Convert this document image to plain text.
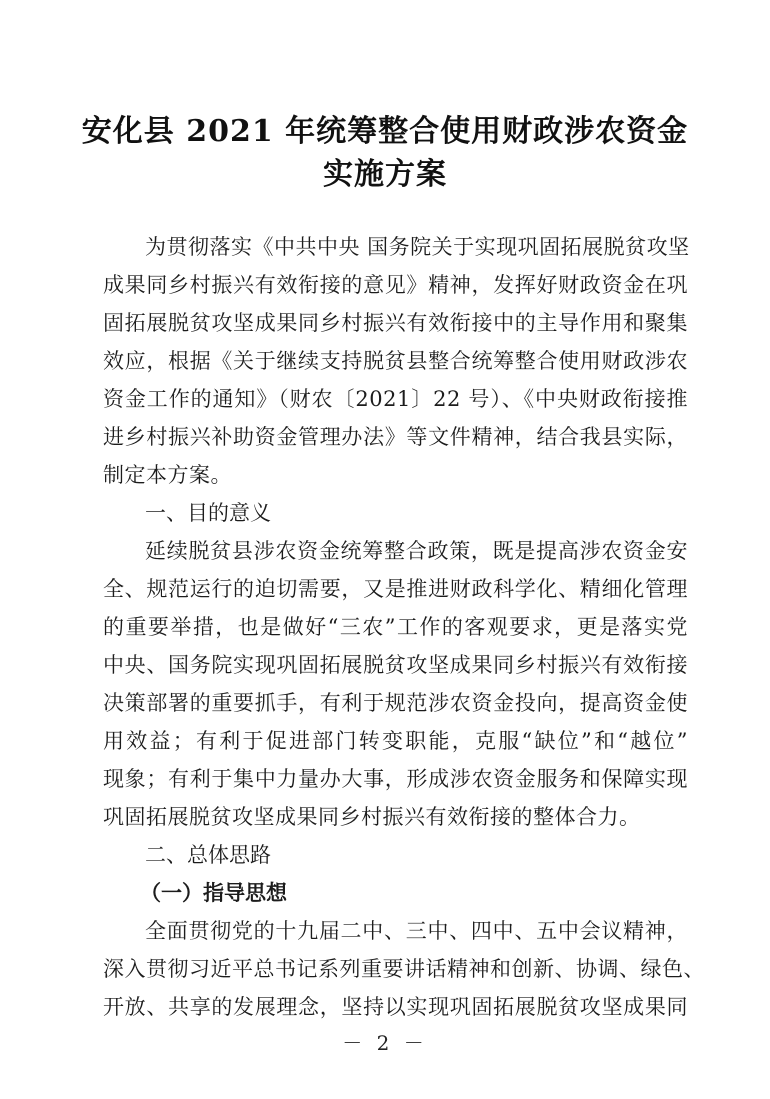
安化县 2021 年统筹整合使用财政涉农资金
实施方案
为贯彻落实《中共中央 国务院关于实现巩固拓展脱贫攻坚
成果同乡村振兴有效衔接的意见》精神，发挥好财政资金在巩
固拓展脱贫攻坚成果同乡村振兴有效衔接中的主导作用和聚集
效应，根据《关于继续支持脱贫县整合统筹整合使用财政涉农
资金工作的通知》（财农〔2021〕22 号）、《中央财政衔接推
进乡村振兴补助资金管理办法》等文件精神，结合我县实际，
制定本方案。
一、目的意义
延续脱贫县涉农资金统筹整合政策，既是提高涉农资金安
全、规范运行的迫切需要，又是推进财政科学化、精细化管理
的重要举措，也是做好“三农”工作的客观要求，更是落实党
中央、国务院实现巩固拓展脱贫攻坚成果同乡村振兴有效衔接
决策部署的重要抓手，有利于规范涉农资金投向，提高资金使
用效益；有利于促进部门转变职能，克服“缺位”和“越位”
现象；有利于集中力量办大事，形成涉农资金服务和保障实现
巩固拓展脱贫攻坚成果同乡村振兴有效衔接的整体合力。
二、总体思路
（一）指导思想
全面贯彻党的十九届二中、三中、四中、五中会议精神，
深入贯彻习近平总书记系列重要讲话精神和创新、协调、绿色、
开放、共享的发展理念，坚持以实现巩固拓展脱贫攻坚成果同
－ 2 －
